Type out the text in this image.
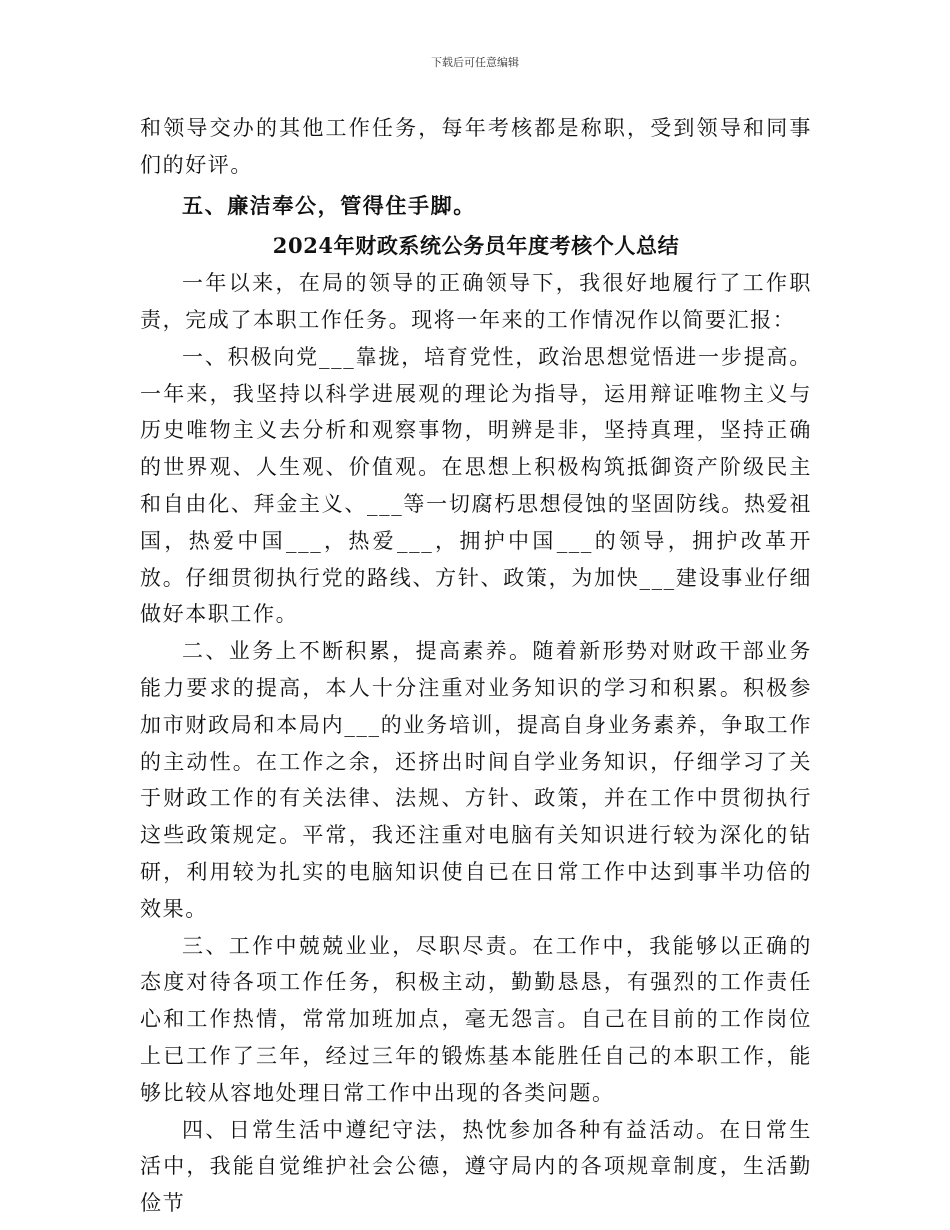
下载后可任意编辑

和领导交办的其他工作任务，每年考核都是称职，受到领导和同事们的好评。

五、廉洁奉公，管得住手脚。

2024年财政系统公务员年度考核个人总结

一年以来，在局的领导的正确领导下，我很好地履行了工作职责，完成了本职工作任务。现将一年来的工作情况作以简要汇报：

一、积极向党___靠拢，培育党性，政治思想觉悟进一步提高。一年来，我坚持以科学进展观的理论为指导，运用辩证唯物主义与历史唯物主义去分析和观察事物，明辨是非，坚持真理，坚持正确的世界观、人生观、价值观。在思想上积极构筑抵御资产阶级民主和自由化、拜金主义、___等一切腐朽思想侵蚀的坚固防线。热爱祖国，热爱中国___，热爱___，拥护中国___的领导，拥护改革开放。仔细贯彻执行党的路线、方针、政策，为加快___建设事业仔细做好本职工作。

二、业务上不断积累，提高素养。随着新形势对财政干部业务能力要求的提高，本人十分注重对业务知识的学习和积累。积极参加市财政局和本局内___的业务培训，提高自身业务素养，争取工作的主动性。在工作之余，还挤出时间自学业务知识，仔细学习了关于财政工作的有关法律、法规、方针、政策，并在工作中贯彻执行这些政策规定。平常，我还注重对电脑有关知识进行较为深化的钻研，利用较为扎实的电脑知识使自已在日常工作中达到事半功倍的效果。

三、工作中兢兢业业，尽职尽责。在工作中，我能够以正确的态度对待各项工作任务，积极主动，勤勤恳恳，有强烈的工作责任心和工作热情，常常加班加点，毫无怨言。自己在目前的工作岗位上已工作了三年，经过三年的锻炼基本能胜任自己的本职工作，能够比较从容地处理日常工作中出现的各类问题。

四、日常生活中遵纪守法，热忱参加各种有益活动。在日常生活中，我能自觉维护社会公德，遵守局内的各项规章制度，生活勤俭节
